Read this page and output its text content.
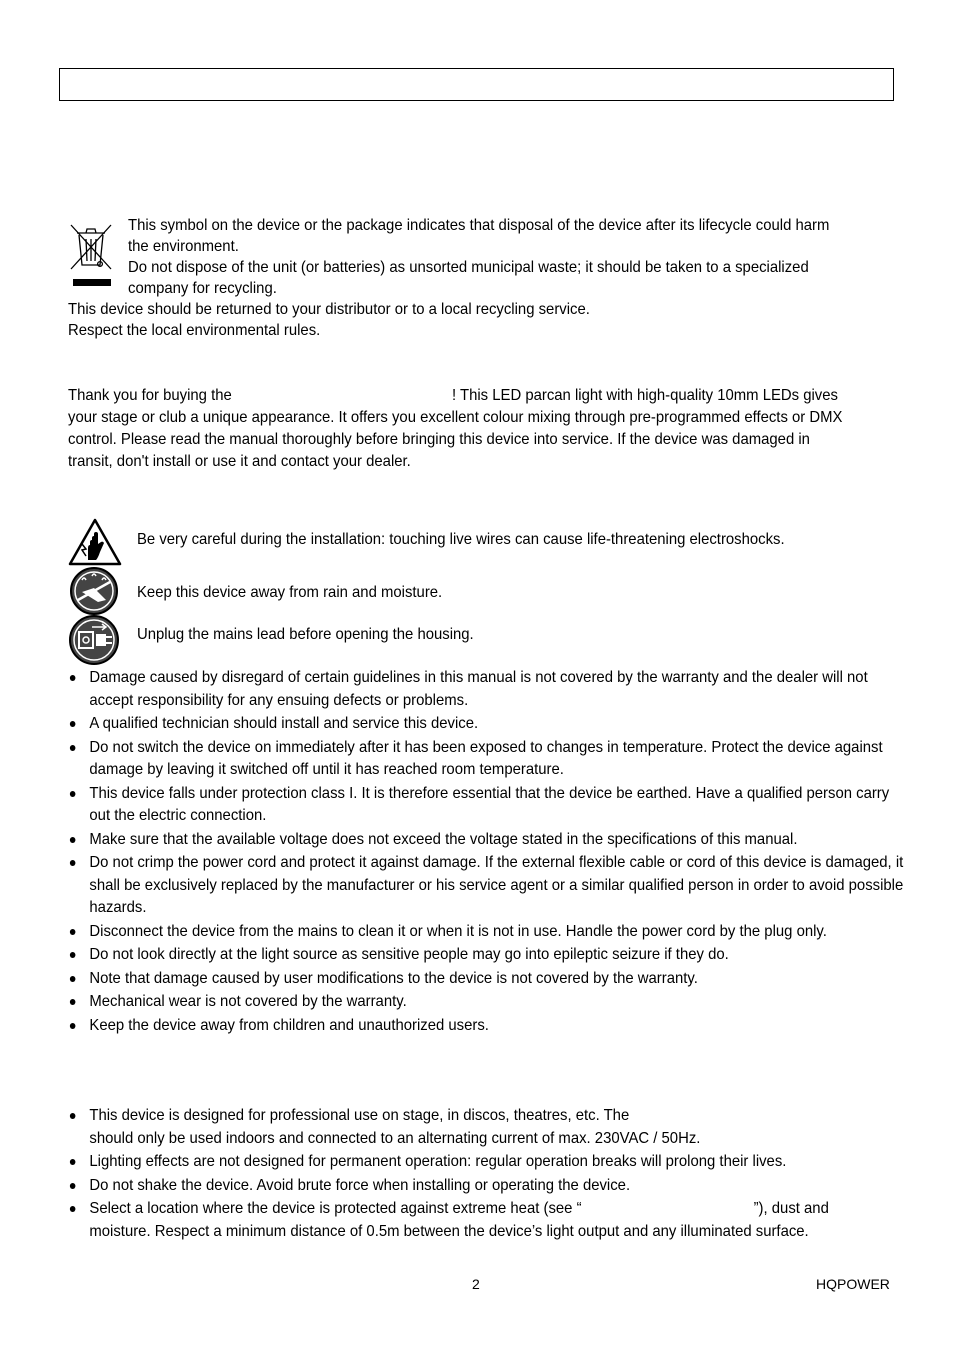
This symbol on the device or the package indicates that disposal of the device after its lifecycle could harm
the environment.
Do not dispose of the unit (or batteries) as unsorted municipal waste; it should be taken to a specialized
company for recycling.
This device should be returned to your distributor or to a local recycling service.
Respect the local environmental rules.
Thank you for buying the	! This LED parcan light with high-quality 10mm LEDs gives
your stage or club a unique appearance. It offers you excellent colour mixing through pre-programmed effects or DMX
control. Please read the manual thoroughly before bringing this device into service. If the device was damaged in
transit, don't install or use it and contact your dealer.
Be very careful during the installation: touching live wires can cause life-threatening electroshocks.
Keep this device away from rain and moisture.
Unplug the mains lead before opening the housing.
Damage caused by disregard of certain guidelines in this manual is not covered by the warranty and the dealer will not accept responsibility for any ensuing defects or problems.
A qualified technician should install and service this device.
Do not switch the device on immediately after it has been exposed to changes in temperature. Protect the device against damage by leaving it switched off until it has reached room temperature.
This device falls under protection class I. It is therefore essential that the device be earthed. Have a qualified person carry out the electric connection.
Make sure that the available voltage does not exceed the voltage stated in the specifications of this manual.
Do not crimp the power cord and protect it against damage. If the external flexible cable or cord of this device is damaged, it shall be exclusively replaced by the manufacturer or his service agent or a similar qualified person in order to avoid possible hazards.
Disconnect the device from the mains to clean it or when it is not in use. Handle the power cord by the plug only.
Do not look directly at the light source as sensitive people may go into epileptic seizure if they do.
Note that damage caused by user modifications to the device is not covered by the warranty.
Mechanical wear is not covered by the warranty.
Keep the device away from children and unauthorized users.
This device is designed for professional use on stage, in discos, theatres, etc. The
should only be used indoors and connected to an alternating current of max. 230VAC / 50Hz.
Lighting effects are not designed for permanent operation: regular operation breaks will prolong their lives.
Do not shake the device. Avoid brute force when installing or operating the device.
Select a location where the device is protected against extreme heat (see “	”), dust and
moisture. Respect a minimum distance of 0.5m between the device’s light output and any illuminated surface.
2	HQPOWER
